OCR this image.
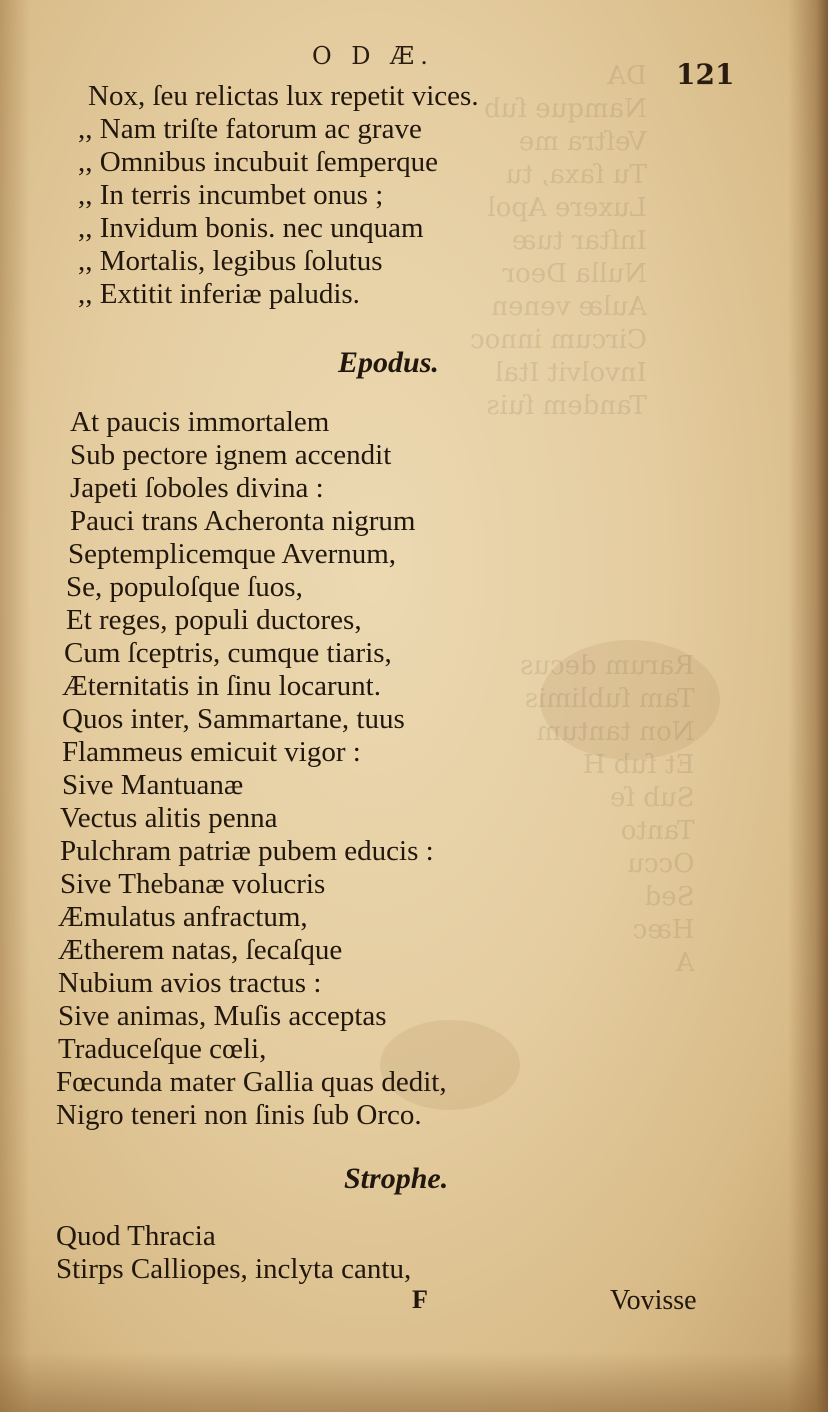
DA
Namque ſub
Veſtra me
Tu ſaxa, tu
Luxere Apol
Inſtar tuæ
Nulla Deor
Aulæ venen
Circum innoc
Involvit Ital
Tandem ſuis
Rarum decus
Tam ſublimis
Non tantum
Et ſub H
Sub ſe
Tanto
Occu
Sed
Hæc
A
O D Æ.
121
Nox, ſeu relictas lux repetit vices.
,, Nam triſte fatorum ac grave
,, Omnibus incubuit ſemperque
,, In terris incumbet onus ;
,, Invidum bonis. nec unquam
,, Mortalis, legibus ſolutus
,, Extitit inferiæ paludis.
Epodus.
At paucis immortalem
Sub pectore ignem accendit
Japeti ſoboles divina :
Pauci trans Acheronta nigrum
Septemplicemque Avernum,
Se, populoſque ſuos,
Et reges, populi ductores,
Cum ſceptris, cumque tiaris,
Æternitatis in ſinu locarunt.
Quos inter, Sammartane, tuus
Flammeus emicuit vigor :
Sive Mantuanæ
Vectus alitis penna
Pulchram patriæ pubem educis :
Sive Thebanæ volucris
Æmulatus anfractum,
Ætherem natas, ſecaſque
Nubium avios tractus :
Sive animas, Muſis acceptas
Traduceſque cœli,
Fœcunda mater Gallia quas dedit,
Nigro teneri non ſinis ſub Orco.
Strophe.
Quod Thracia
Stirps Calliopes, inclyta cantu,
F	Vovisse
